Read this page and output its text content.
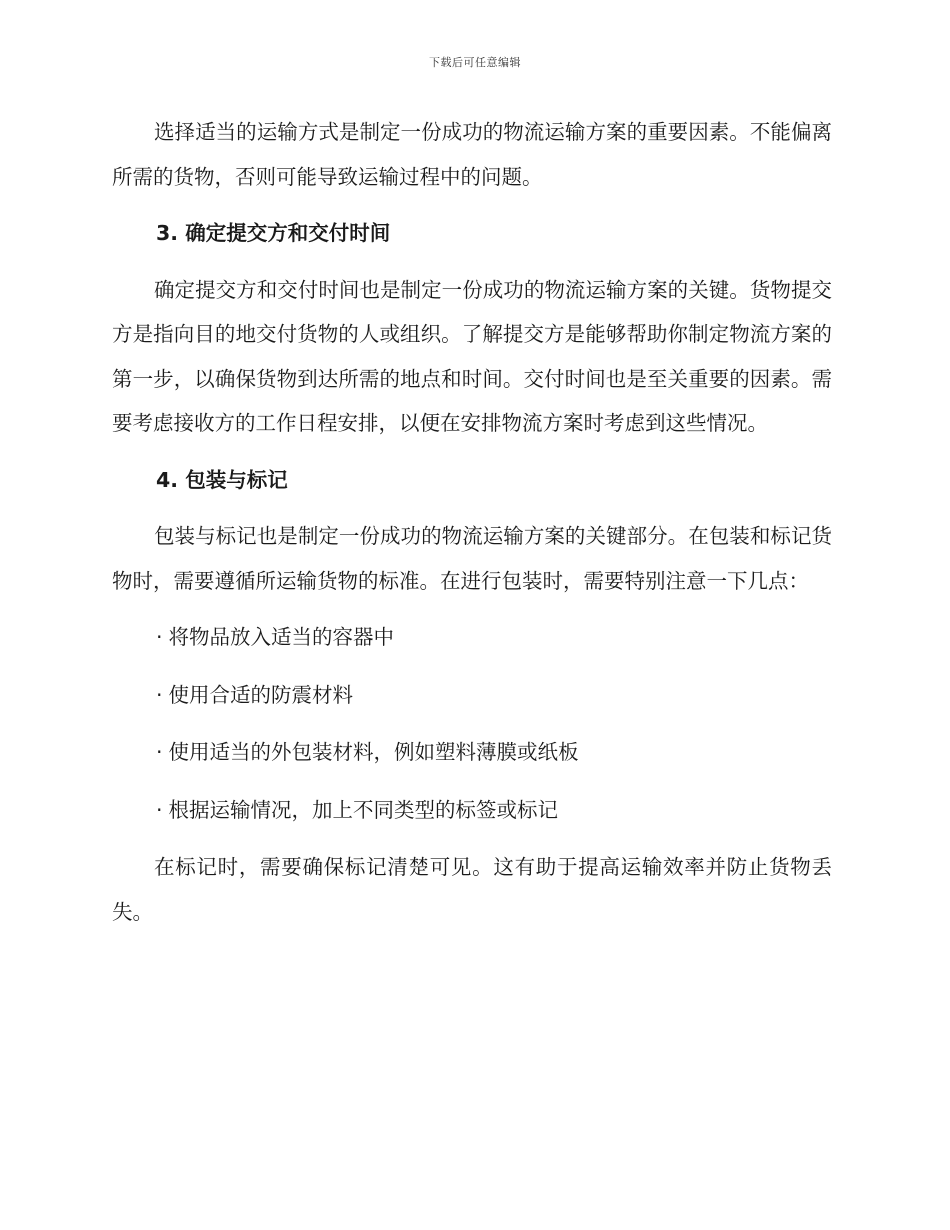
下载后可任意编辑

选择适当的运输方式是制定一份成功的物流运输方案的重要因素。不能偏离所需的货物，否则可能导致运输过程中的问题。

3. 确定提交方和交付时间

确定提交方和交付时间也是制定一份成功的物流运输方案的关键。货物提交方是指向目的地交付货物的人或组织。了解提交方是能够帮助你制定物流方案的第一步，以确保货物到达所需的地点和时间。交付时间也是至关重要的因素。需要考虑接收方的工作日程安排，以便在安排物流方案时考虑到这些情况。

4. 包装与标记

包装与标记也是制定一份成功的物流运输方案的关键部分。在包装和标记货物时，需要遵循所运输货物的标准。在进行包装时，需要特别注意一下几点：

· 将物品放入适当的容器中
· 使用合适的防震材料
· 使用适当的外包装材料，例如塑料薄膜或纸板
· 根据运输情况，加上不同类型的标签或标记

在标记时，需要确保标记清楚可见。这有助于提高运输效率并防止货物丢失。
